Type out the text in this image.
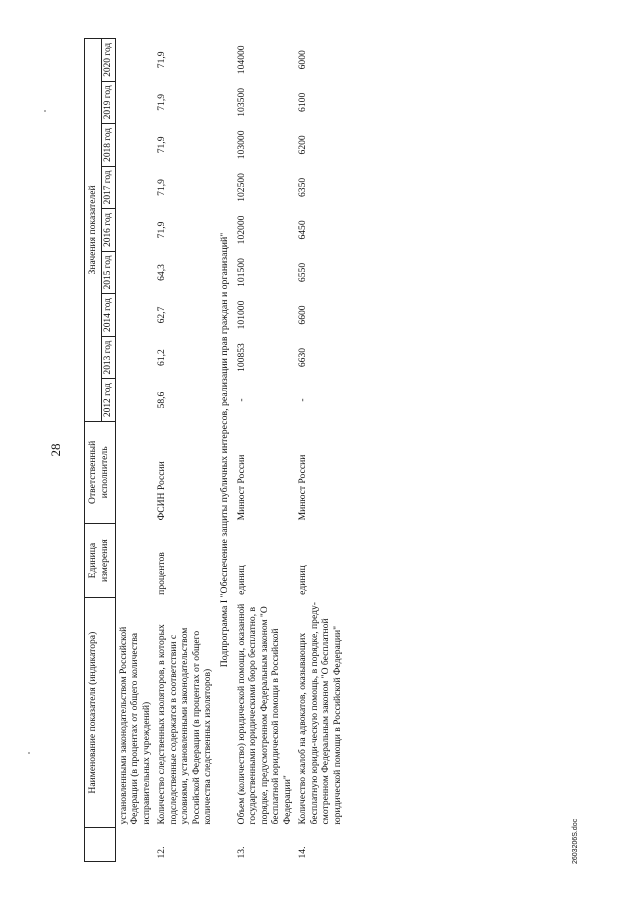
28
	Наименование показателя (индикатора)	Единица измерения	Ответственный исполнитель	Значения показателей								
				2012 год	2013 год	2014 год	2015 год	2016 год	2017 год	2018 год	2019 год	2020 год
	установленными законодательством Российской Федерации (в процентах от общего количества исправительных учреждений)											
12.	Количество следственных изоляторов, в которых подследственные содержатся в соответствии с условиями, установленными законодательством Российской Федерации (в процентах от общего количества следственных изоляторов)	процентов	ФСИН России	58,6	61,2	62,7	64,3	71,9	71,9	71,9	71,9	71,9
Подпрограмма I "Обеспечение защиты публичных интересов, реализации прав граждан и организаций"												
13.	Объем (количество) юридической помощи, оказанной государственными юридическими бюро бесплатно, в порядке, предусмотренном Федеральным законом "О бесплатной юридической помощи в Российской Федерации"	единиц	Минюст России	-	100853	101000	101500	102000	102500	103000	103500	104000
14.	Количество жалоб на адвокатов, оказывающих бесплатную юриди-ческую помощь, в порядке, преду-смотренном Федеральным законом "О бесплатной юридической помощи в Российской Федерации"	единиц	Минюст России	-	6630	6600	6550	6450	6350	6200	6100	6000
2603206S.doc
